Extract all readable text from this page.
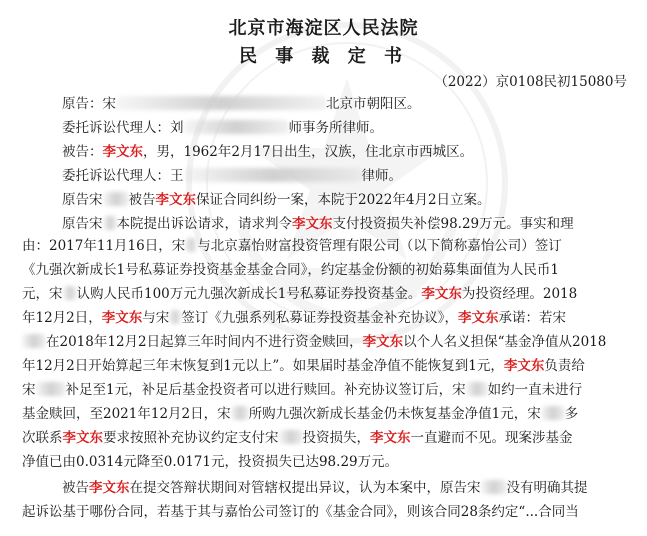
北京市海淀区人民法院
民 事 裁 定 书
（2022）京0108民初15080号
原告：宋	北京市朝阳区。
委托诉讼代理人：刘	师事务所律师。
被告：李文东，男，1962年2月17日出生，汉族，住北京市西城区。
委托诉讼代理人：王	律师。
原告宋 被告李文东保证合同纠纷一案，本院于2022年4月2日立案。
原告宋 本院提出诉讼请求，请求判令李文东支付投资损失补偿98.29万元。事实和理
由：2017年11月16日，宋 与北京嘉怡财富投资管理有限公司（以下简称嘉怡公司）签订
《九强次新成长1号私募证券投资基金基金合同》，约定基金份额的初始募集面值为人民币1
元，宋 认购人民币100万元九强次新成长1号私募证券投资基金。李文东为投资经理。2018
年12月2日，李文东与宋 签订《九强系列私募证券投资基金补充协议》，李文东承诺：若宋
在2018年12月2日起算三年时间内不进行资金赎回，李文东以个人名义担保“基金净值从2018
年12月2日开始算起三年末恢复到1元以上”。如果届时基金净值不能恢复到1元，李文东负责给
宋 补足至1元，补足后基金投资者可以进行赎回。补充协议签订后，宋 如约一直未进行
基金赎回，至2021年12月2日，宋 所购九强次新成长基金仍未恢复基金净值1元，宋 多
次联系李文东要求按照补充协议约定支付宋 投资损失，李文东一直避而不见。现案涉基金
净值已由0.0314元降至0.0171元，投资损失已达98.29万元。
被告李文东在提交答辩状期间对管辖权提出异议，认为本案中，原告宋 没有明确其提
起诉讼基于哪份合同，若基于其与嘉怡公司签订的《基金合同》，则该合同28条约定“...合同当
